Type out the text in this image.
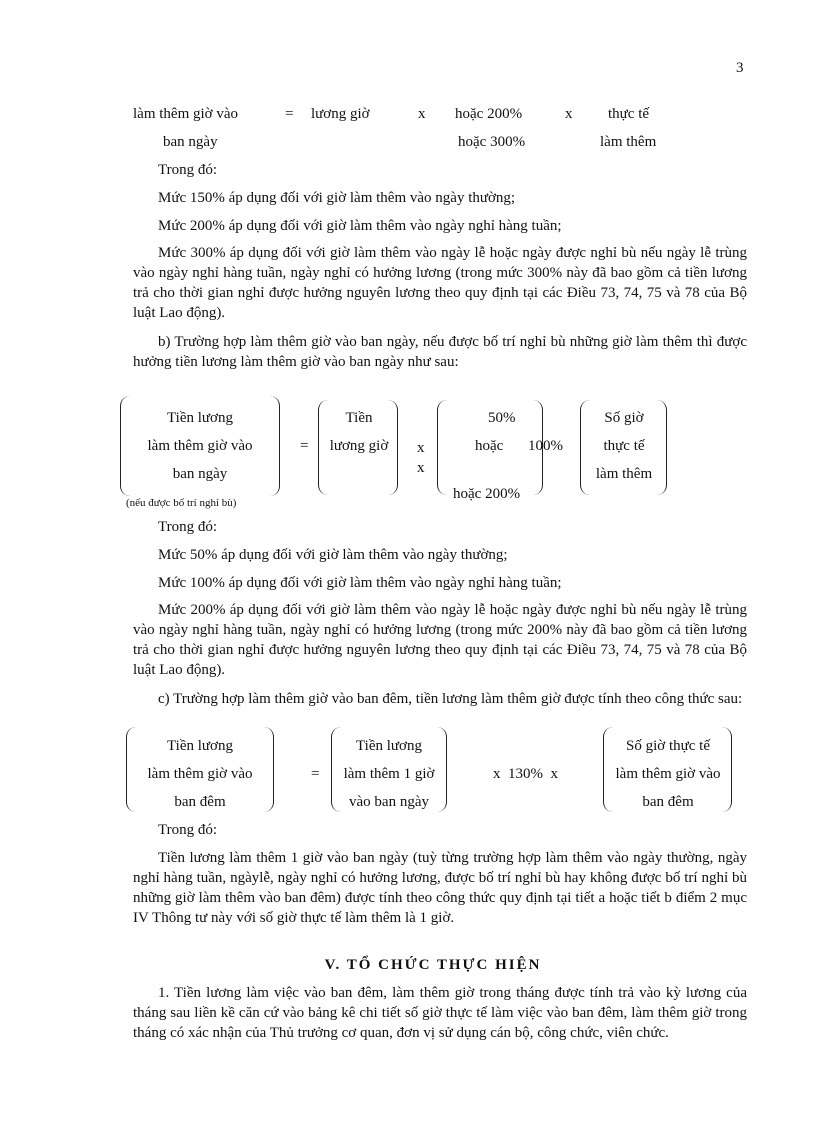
3
làm thêm giờ vào
ban ngày
= lương giờ	x hoặc 200%
hoặc 300%
x thực tế
làm thêm
Trong đó:
Mức 150% áp dụng đối với giờ làm thêm vào ngày thường;
Mức 200% áp dụng đối với giờ làm thêm vào ngày nghỉ hàng tuần;
Mức 300% áp dụng đối với giờ làm thêm vào ngày lễ hoặc ngày được nghỉ bù nếu ngày lễ trùng vào ngày nghỉ hàng tuần, ngày nghỉ có hưởng lương (trong mức 300% này đã bao gồm cả tiền lương trả cho thời gian nghỉ được hưởng nguyên lương theo quy định tại các Điều 73, 74, 75 và 78 của Bộ luật Lao động).
b) Trường hợp làm thêm giờ vào ban ngày, nếu được bố trí nghỉ bù những giờ làm thêm thì được hưởng tiền lương làm thêm giờ vào ban ngày như sau:
Tiền lương
làm thêm giờ vào
ban ngày
(nếu được bố trí nghỉ bù)
=
Tiền
lương giờ	x
x
50%
hoặc 100%
hoặc 200%
Số giờ
thực tế
làm thêm
Trong đó:
Mức 50% áp dụng đối với giờ làm thêm vào ngày thường;
Mức 100% áp dụng đối với giờ làm thêm vào ngày nghỉ hàng tuần;
Mức 200% áp dụng đối với giờ làm thêm vào ngày lễ hoặc ngày được nghỉ bù nếu ngày lễ trùng vào ngày nghỉ hàng tuần, ngày nghỉ có hưởng lương (trong mức 200% này đã bao gồm cả tiền lương trả cho thời gian nghỉ được hưởng nguyên lương theo quy định tại các Điều 73, 74, 75 và 78 của Bộ luật Lao động).
c) Trường hợp làm thêm giờ vào ban đêm, tiền lương làm thêm giờ được tính theo công thức sau:
Tiền lương
làm thêm giờ vào
ban đêm
=
Tiền lương
làm thêm 1 giờ
vào ban ngày
x  130%  x
Số giờ thực tế
làm thêm giờ vào
ban đêm
Trong đó:
Tiền lương làm thêm 1 giờ vào ban ngày (tuỳ từng trường hợp làm thêm vào ngày thường, ngày nghỉ hàng tuần, ngàylễ, ngày nghỉ có hưởng lương, được bố trí nghỉ bù hay không được bố trí nghỉ bù những giờ làm thêm vào ban đêm) được tính theo công thức quy định tại tiết a hoặc tiết b điểm 2 mục IV Thông tư này với số giờ thực tế làm thêm là 1 giờ.
V. TỔ CHỨC THỰC HIỆN
1. Tiền lương làm việc vào ban đêm, làm thêm giờ trong tháng được tính trả vào kỳ lương của tháng sau liền kề căn cứ vào bảng kê chi tiết số giờ thực tế làm việc vào ban đêm, làm thêm giờ trong tháng có xác nhận của Thủ trưởng cơ quan, đơn vị sử dụng cán bộ, công chức, viên chức.
